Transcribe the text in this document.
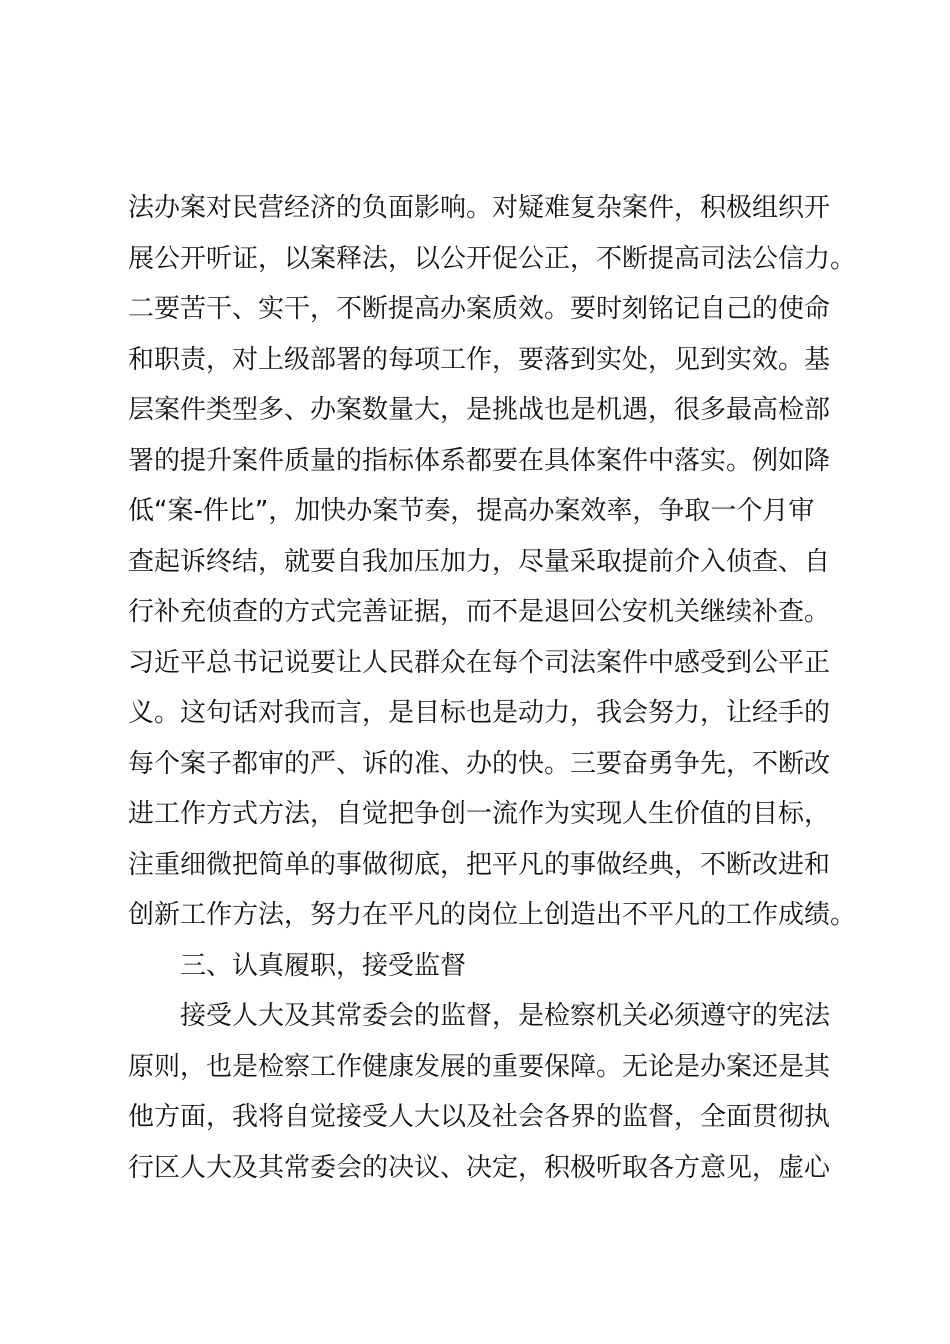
法办案对民营经济的负面影响。对疑难复杂案件，积极组织开
展公开听证，以案释法，以公开促公正，不断提高司法公信力。
二要苦干、实干，不断提高办案质效。要时刻铭记自己的使命
和职责，对上级部署的每项工作，要落到实处，见到实效。基
层案件类型多、办案数量大，是挑战也是机遇，很多最高检部
署的提升案件质量的指标体系都要在具体案件中落实。例如降
低“案-件比”，加快办案节奏，提高办案效率，争取一个月审
查起诉终结，就要自我加压加力，尽量采取提前介入侦查、自
行补充侦查的方式完善证据，而不是退回公安机关继续补查。
习近平总书记说要让人民群众在每个司法案件中感受到公平正
义。这句话对我而言，是目标也是动力，我会努力，让经手的
每个案子都审的严、诉的准、办的快。三要奋勇争先，不断改
进工作方式方法，自觉把争创一流作为实现人生价值的目标，
注重细微把简单的事做彻底，把平凡的事做经典，不断改进和
创新工作方法，努力在平凡的岗位上创造出不平凡的工作成绩。
三、认真履职，接受监督
接受人大及其常委会的监督，是检察机关必须遵守的宪法
原则，也是检察工作健康发展的重要保障。无论是办案还是其
他方面，我将自觉接受人大以及社会各界的监督，全面贯彻执
行区人大及其常委会的决议、决定，积极听取各方意见，虚心
